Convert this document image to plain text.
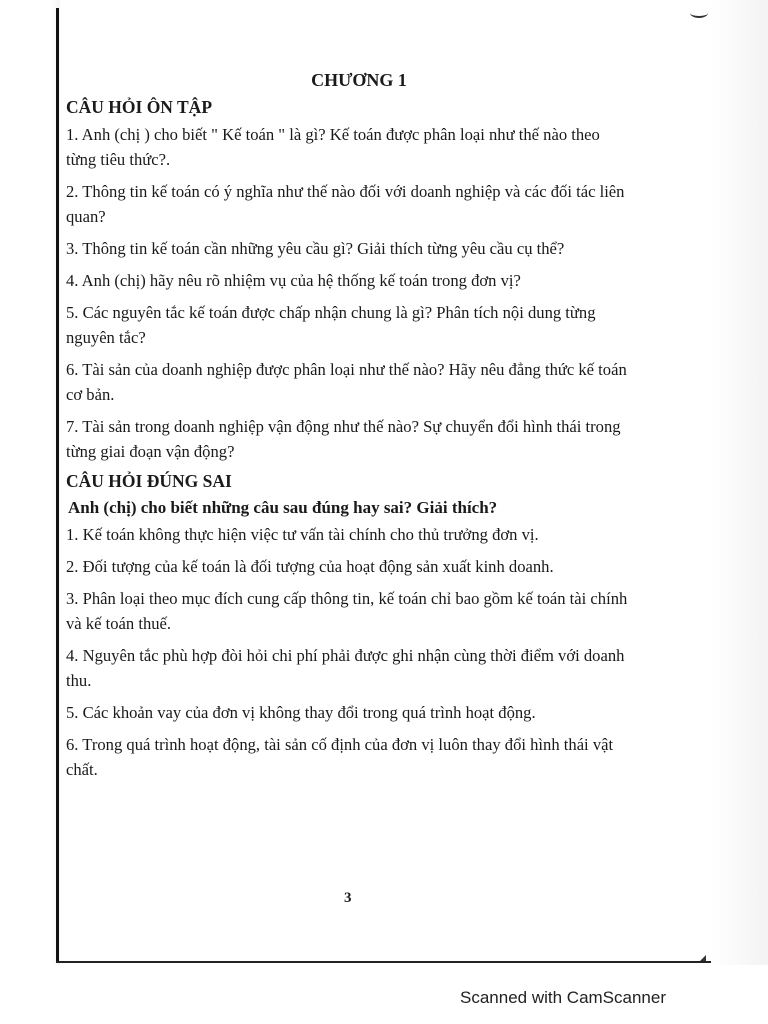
CHƯƠNG 1
CÂU HỎI ÔN TẬP

1. Anh (chị ) cho biết " Kế toán " là gì? Kế toán được phân loại như thế nào theo từng tiêu thức?.

2. Thông tin kế toán có ý nghĩa như thế nào đối với doanh nghiệp và các đối tác liên quan?

3. Thông tin kế toán cần những yêu cầu gì? Giải thích từng yêu cầu cụ thể?

4. Anh (chị) hãy nêu rõ nhiệm vụ của hệ thống kế toán trong đơn vị?

5. Các nguyên tắc kế toán được chấp nhận chung là gì? Phân tích nội dung từng nguyên tắc?

6. Tài sản của doanh nghiệp được phân loại như thế nào? Hãy nêu đẳng thức kế toán cơ bản.

7. Tài sản trong doanh nghiệp vận động như thế nào? Sự chuyển đổi hình thái trong từng giai đoạn vận động?

CÂU HỎI ĐÚNG SAI
Anh (chị) cho biết những câu sau đúng hay sai? Giải thích?

1. Kế toán không thực hiện việc tư vấn tài chính cho thủ trưởng đơn vị.

2. Đối tượng của kế toán là đối tượng của hoạt động sản xuất kinh doanh.

3. Phân loại theo mục đích cung cấp thông tin, kế toán chỉ bao gồm kế toán tài chính và kế toán thuế.

4. Nguyên tắc phù hợp đòi hỏi chi phí phải được ghi nhận cùng thời điểm với doanh thu.

5. Các khoản vay của đơn vị không thay đổi trong quá trình hoạt động.

6. Trong quá trình hoạt động, tài sản cố định của đơn vị luôn thay đổi hình thái vật chất.

3
Scanned with CamScanner
